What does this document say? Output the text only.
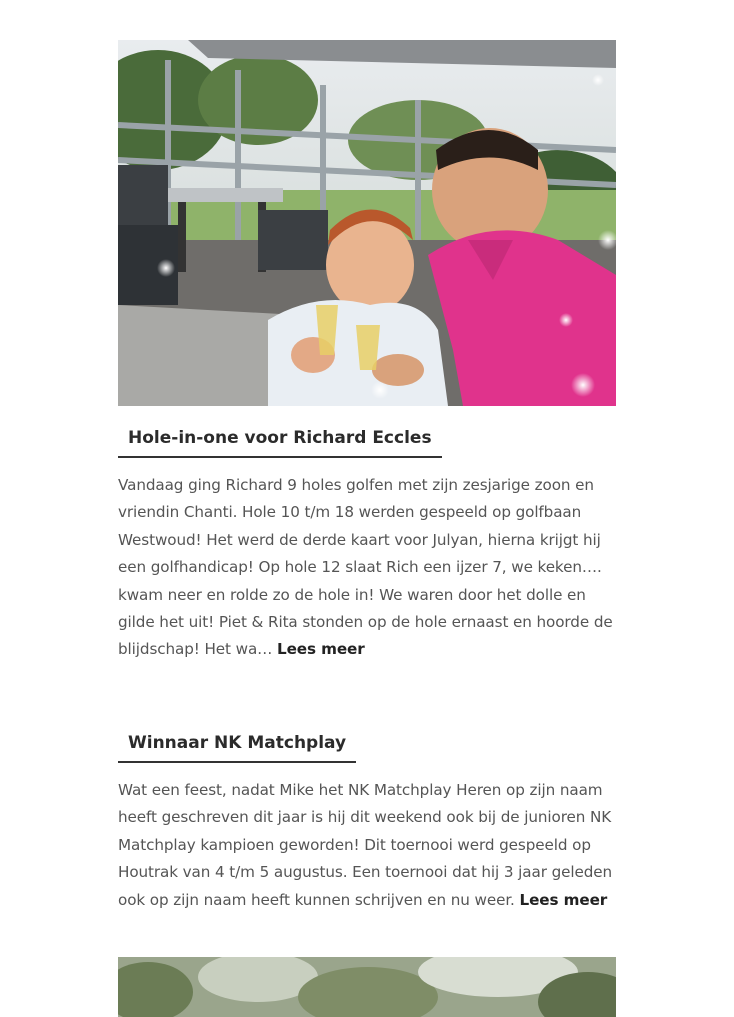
Hole-in-one voor Richard Eccles

Vandaag ging Richard 9 holes golfen met zijn zesjarige zoon en vriendin Chanti. Hole 10 t/m 18 werden gespeeld op golfbaan Westwoud! Het werd de derde kaart voor Julyan, hierna krijgt hij een golfhandicap! Op hole 12 slaat Rich een ijzer 7, we keken…. kwam neer en rolde zo de hole in! We waren door het dolle en gilde het uit! Piet & Rita stonden op de hole ernaast en hoorde de blijdschap! Het wa… Lees meer

Winnaar NK Matchplay

Wat een feest, nadat Mike het NK Matchplay Heren op zijn naam heeft geschreven dit jaar is hij dit weekend ook bij de junioren NK Matchplay kampioen geworden! Dit toernooi werd gespeeld op Houtrak van 4 t/m 5 augustus. Een toernooi dat hij 3 jaar geleden ook op zijn naam heeft kunnen schrijven en nu weer. Lees meer
